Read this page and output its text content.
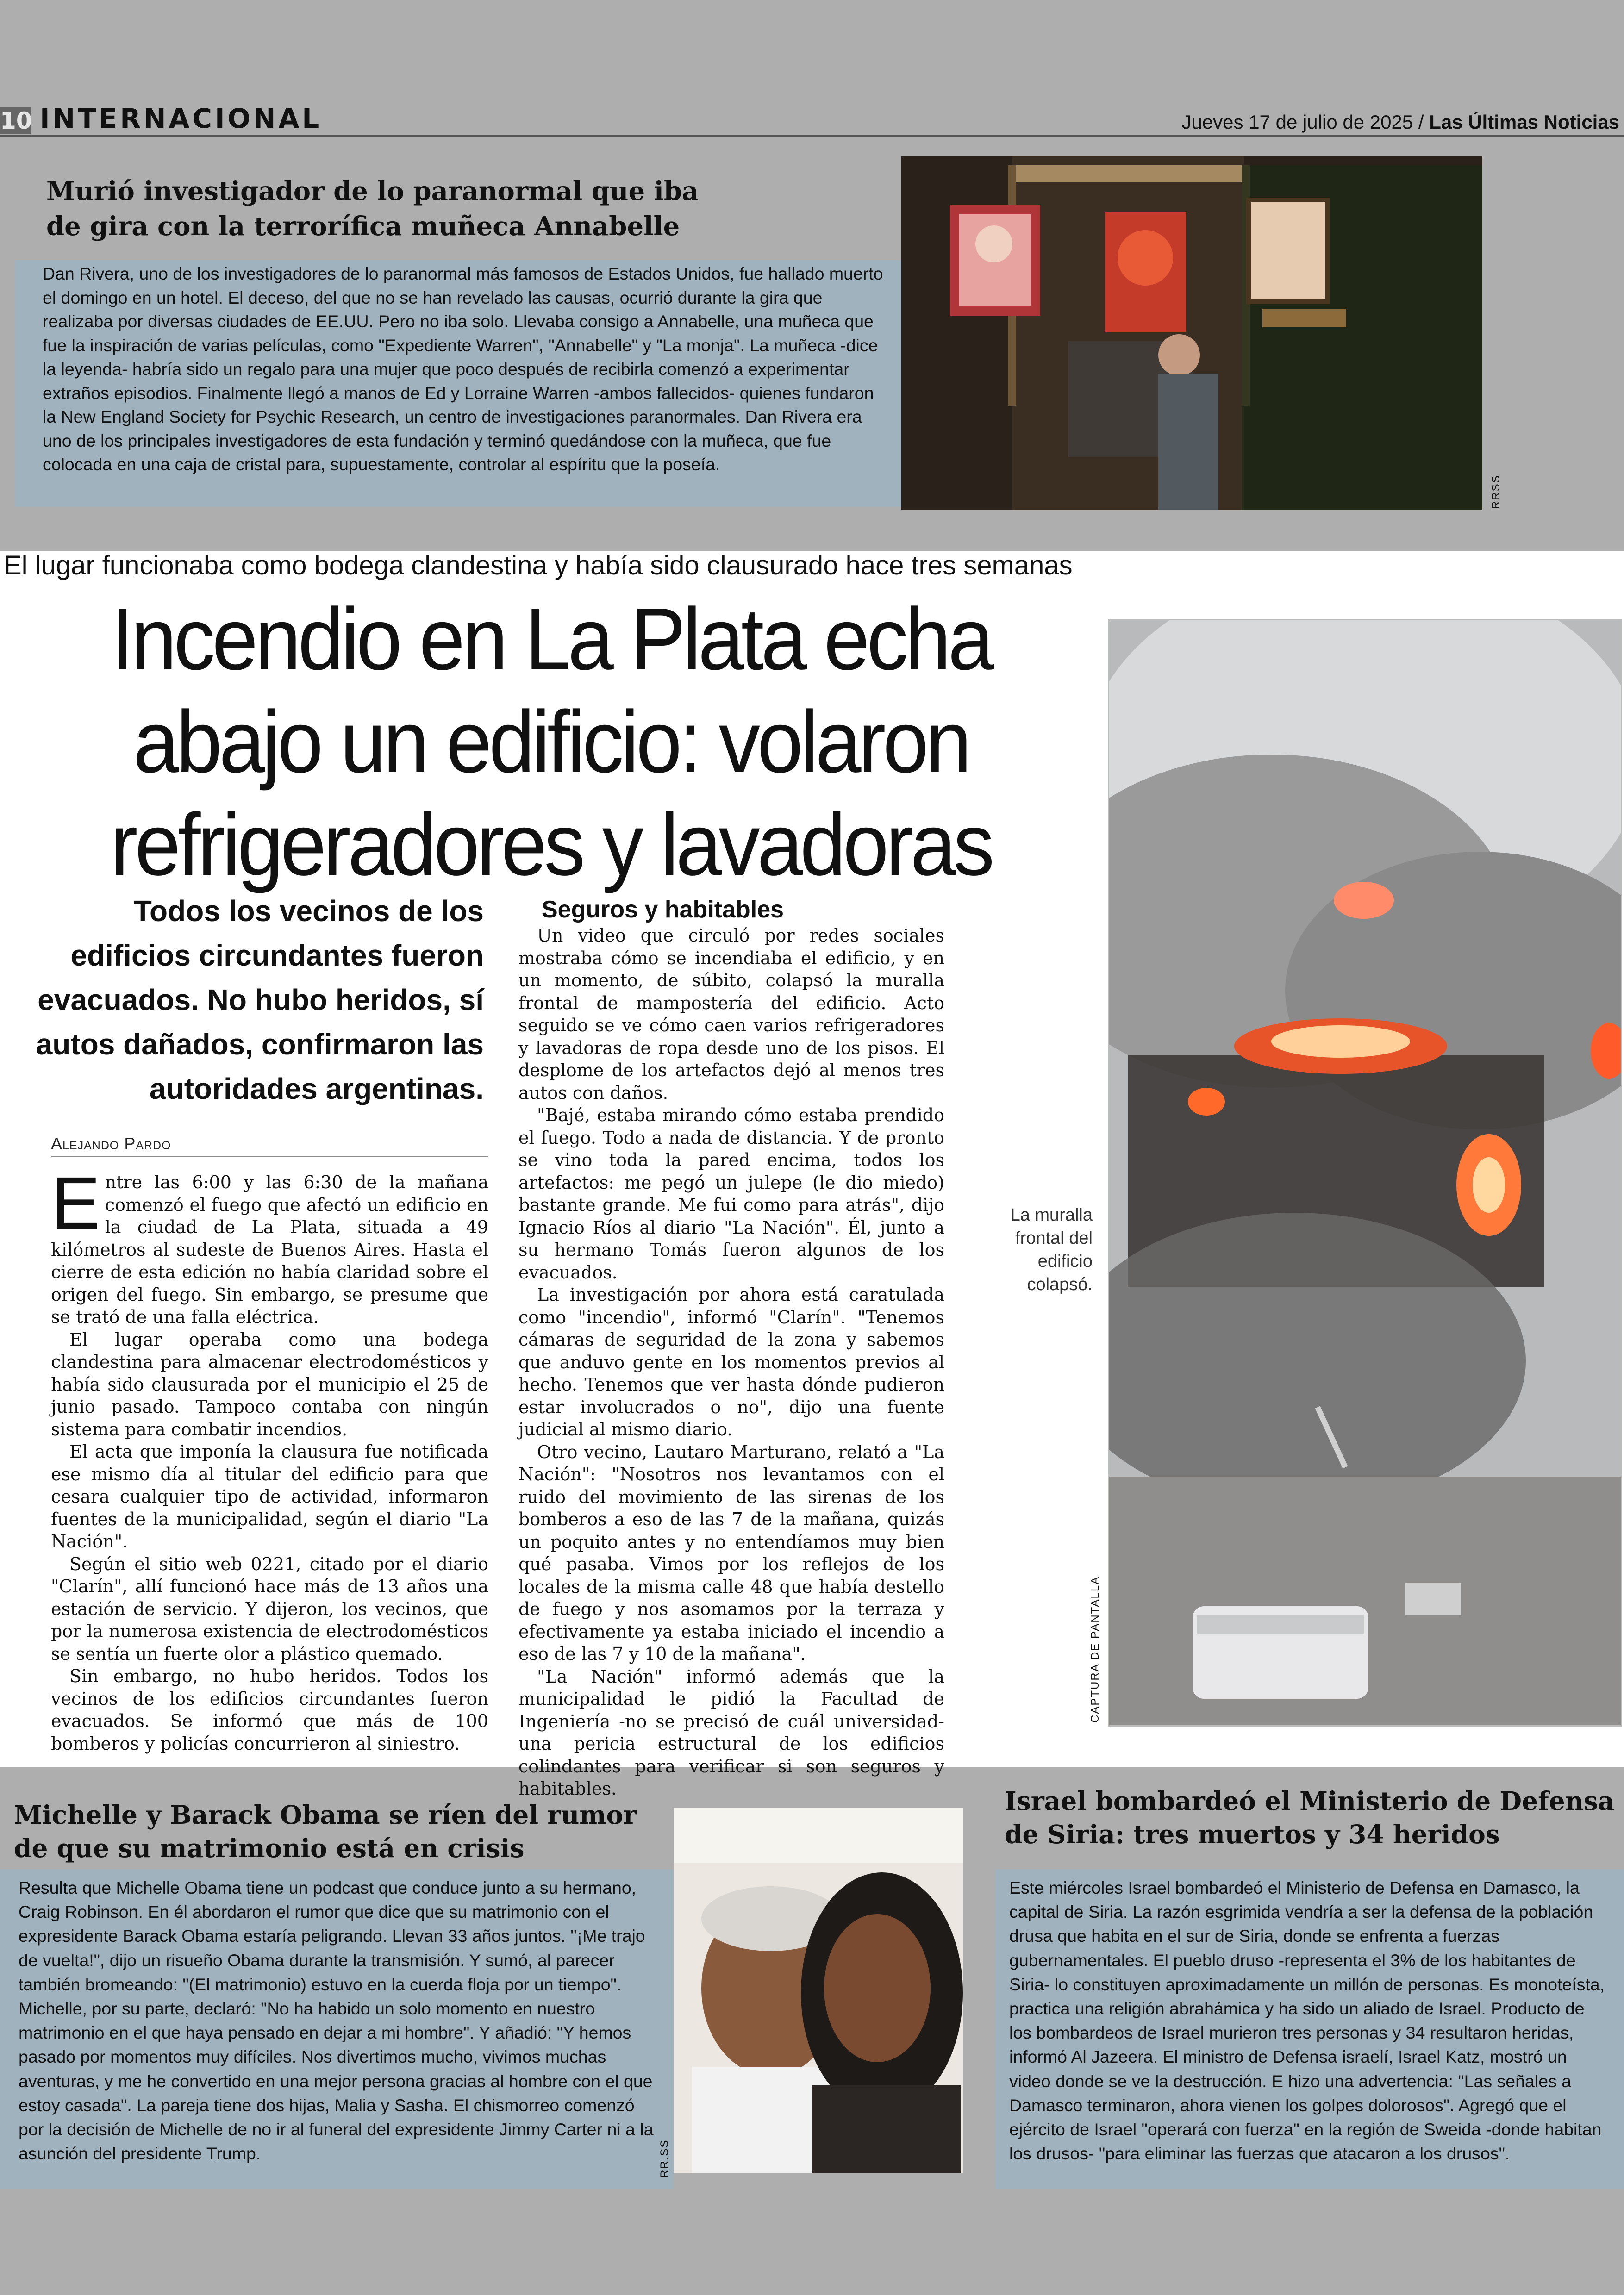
10 INTERNACIONAL	Jueves 17 de julio de 2025 / Las Últimas Noticias
Murió investigador de lo paranormal que iba de gira con la terrorífica muñeca Annabelle
Dan Rivera, uno de los investigadores de lo paranormal más famosos de Estados Unidos, fue hallado muerto el domingo en un hotel. El deceso, del que no se han revelado las causas, ocurrió durante la gira que realizaba por diversas ciudades de EE.UU. Pero no iba solo. Llevaba consigo a Annabelle, una muñeca que fue la inspiración de varias películas, como "Expediente Warren", "Annabelle" y "La monja". La muñeca -dice la leyenda- habría sido un regalo para una mujer que poco después de recibirla comenzó a experimentar extraños episodios. Finalmente llegó a manos de Ed y Lorraine Warren -ambos fallecidos- quienes fundaron la New England Society for Psychic Research, un centro de investigaciones paranormales. Dan Rivera era uno de los principales investigadores de esta fundación y terminó quedándose con la muñeca, que fue colocada en una caja de cristal para, supuestamente, controlar al espíritu que la poseía.
RRSS
El lugar funcionaba como bodega clandestina y había sido clausurado hace tres semanas
Incendio en La Plata echa abajo un edificio: volaron refrigeradores y lavadoras
Todos los vecinos de los edificios circundantes fueron evacuados. No hubo heridos, sí autos dañados, confirmaron las autoridades argentinas.
Alejando Pardo
E ntre las 6:00 y las 6:30 de la mañana comenzó el fuego que afectó un edificio en la ciudad de La Plata, situada a 49 kilómetros al sudeste de Buenos Aires. Hasta el cierre de esta edición no había claridad sobre el origen del fuego. Sin embargo, se presume que se trató de una falla eléctrica.

El lugar operaba como una bodega clandestina para almacenar electrodomésticos y había sido clausurada por el municipio el 25 de junio pasado. Tampoco contaba con ningún sistema para combatir incendios.

El acta que imponía la clausura fue notificada ese mismo día al titular del edificio para que cesara cualquier tipo de actividad, informaron fuentes de la municipalidad, según el diario "La Nación".

Según el sitio web 0221, citado por el diario "Clarín", allí funcionó hace más de 13 años una estación de servicio. Y dijeron, los vecinos, que por la numerosa existencia de electrodomésticos se sentía un fuerte olor a plástico quemado.

Sin embargo, no hubo heridos. Todos los vecinos de los edificios circundantes fueron evacuados. Se informó que más de 100 bomberos y policías concurrieron al siniestro.

Seguros y habitables

Un video que circuló por redes sociales mostraba cómo se incendiaba el edificio, y en un momento, de súbito, colapsó la muralla frontal de mampostería del edificio. Acto seguido se ve cómo caen varios refrigeradores y lavadoras de ropa desde uno de los pisos. El desplome de los artefactos dejó al menos tres autos con daños.

"Bajé, estaba mirando cómo estaba prendido el fuego. Todo a nada de distancia. Y de pronto se vino toda la pared encima, todos los artefactos: me pegó un julepe (le dio miedo) bastante grande. Me fui como para atrás", dijo Ignacio Ríos al diario "La Nación". Él, junto a su hermano Tomás fueron algunos de los evacuados.

La investigación por ahora está caratulada como "incendio", informó "Clarín". "Tenemos cámaras de seguridad de la zona y sabemos que anduvo gente en los momentos previos al hecho. Tenemos que ver hasta dónde pudieron estar involucrados o no", dijo una fuente judicial al mismo diario.

Otro vecino, Lautaro Marturano, relató a "La Nación": "Nosotros nos levantamos con el ruido del movimiento de las sirenas de los bomberos a eso de las 7 de la mañana, quizás un poquito antes y no entendíamos muy bien qué pasaba. Vimos por los reflejos de los locales de la misma calle 48 que había destello de fuego y nos asomamos por la terraza y efectivamente ya estaba iniciado el incendio a eso de las 7 y 10 de la mañana".

"La Nación" informó además que la municipalidad le pidió la Facultad de Ingeniería -no se precisó de cuál universidad- una pericia estructural de los edificios colindantes para verificar si son seguros y habitables.

La muralla frontal del edificio colapsó.
CAPTURA DE PANTALLA
Michelle y Barack Obama se ríen del rumor de que su matrimonio está en crisis
Resulta que Michelle Obama tiene un podcast que conduce junto a su hermano, Craig Robinson. En él abordaron el rumor que dice que su matrimonio con el expresidente Barack Obama estaría peligrando. Llevan 33 años juntos. "¡Me trajo de vuelta!", dijo un risueño Obama durante la transmisión. Y sumó, al parecer también bromeando: "(El matrimonio) estuvo en la cuerda floja por un tiempo". Michelle, por su parte, declaró: "No ha habido un solo momento en nuestro matrimonio en el que haya pensado en dejar a mi hombre". Y añadió: "Y hemos pasado por momentos muy difíciles. Nos divertimos mucho, vivimos muchas aventuras, y me he convertido en una mejor persona gracias al hombre con el que estoy casada". La pareja tiene dos hijas, Malia y Sasha. El chismorreo comenzó por la decisión de Michelle de no ir al funeral del expresidente Jimmy Carter ni a la asunción del presidente Trump.	RR.SS
Israel bombardeó el Ministerio de Defensa
de Siria: tres muertos y 34 heridos
Este miércoles Israel bombardeó el Ministerio de Defensa en Damasco, la capital de Siria. La razón esgrimida vendría a ser la defensa de la población drusa que habita en el sur de Siria, donde se enfrenta a fuerzas gubernamentales. El pueblo druso -representa el 3% de los habitantes de Siria- lo constituyen aproximadamente un millón de personas. Es monoteísta, practica una religión abrahámica y ha sido un aliado de Israel. Producto de los bombardeos de Israel murieron tres personas y 34 resultaron heridas, informó Al Jazeera. El ministro de Defensa israelí, Israel Katz, mostró un video donde se ve la destrucción. E hizo una advertencia: "Las señales a Damasco terminaron, ahora vienen los golpes dolorosos". Agregó que el ejército de Israel "operará con fuerza" en la región de Sweida -donde habitan los drusos- "para eliminar las fuerzas que atacaron a los drusos".
